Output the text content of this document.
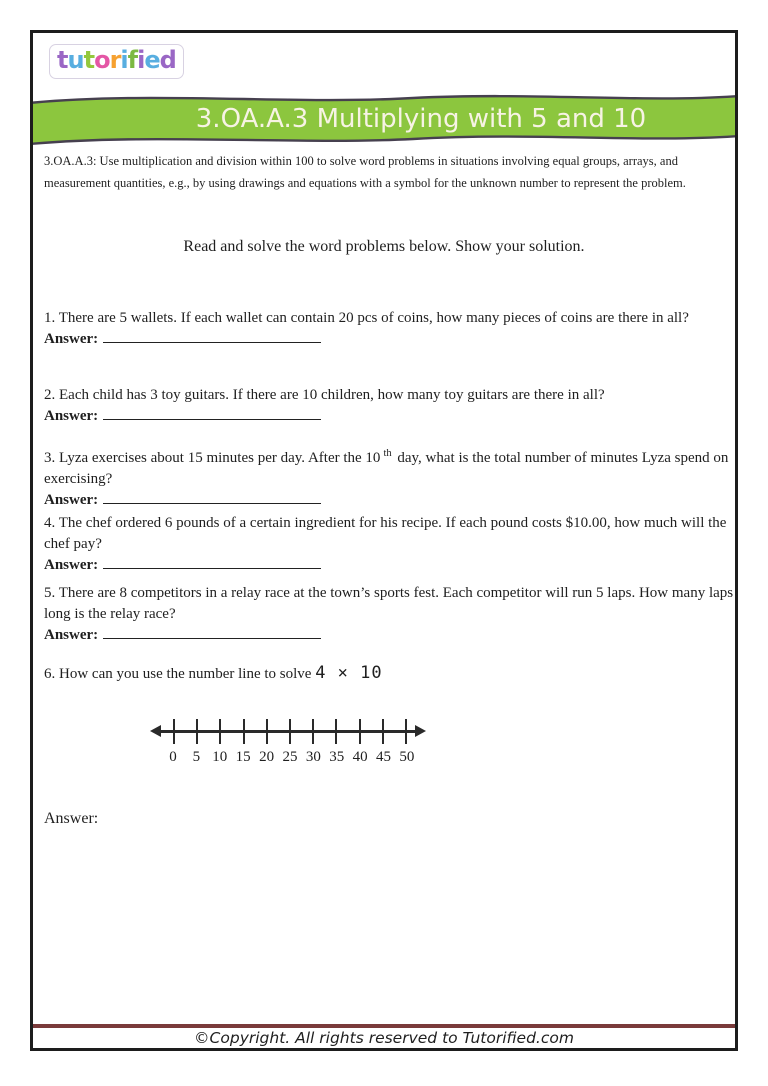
tutorified
3.OA.A.3 Multiplying with 5 and 10
3.OA.A.3: Use multiplication and division within 100 to solve word problems in situations involving equal groups, arrays, and measurement quantities, e.g., by using drawings and equations with a symbol for the unknown number to represent the problem.
Read and solve the word problems below. Show your solution.
1. There are 5 wallets. If each wallet can contain 20 pcs of coins, how many pieces of coins are there in all?
Answer:
2. Each child has 3 toy guitars. If there are 10 children, how many toy guitars are there in all?
Answer:
3. Lyza exercises about 15 minutes per day. After the 10 $^{th}$ day, what is the total number of minutes Lyza spend on exercising?
Answer:
4. The chef ordered 6 pounds of a certain ingredient for his recipe. If each pound costs $10.00, how much will the chef pay?
Answer:
5. There are 8 competitors in a relay race at the town’s sports fest. Each competitor will run 5 laps. How many laps long is the relay race?
Answer:
6. How can you use the number line to solve 4 × 10
0 5 10 15 20 25 30 35 40 45 50
Answer:
©Copyright. All rights reserved to Tutorified.com
